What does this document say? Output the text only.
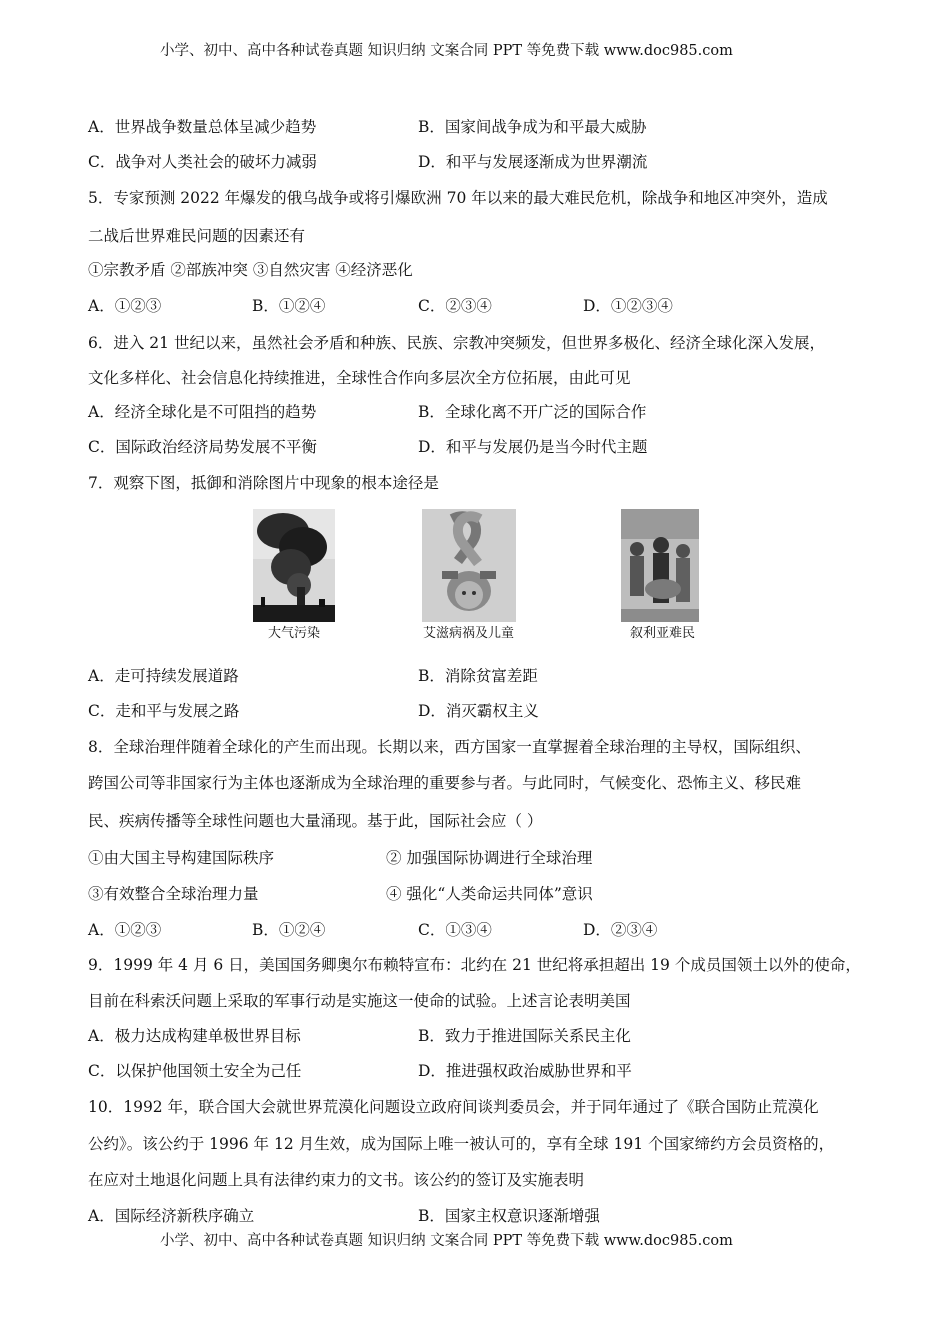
小学、初中、高中各种试卷真题 知识归纳 文案合同 PPT 等免费下载 www.doc985.com
A．世界战争数量总体呈减少趋势	B．国家间战争成为和平最大威胁
C．战争对人类社会的破坏力减弱	D．和平与发展逐渐成为世界潮流
5．专家预测 2022 年爆发的俄乌战争或将引爆欧洲 70 年以来的最大难民危机，除战争和地区冲突外，造成
二战后世界难民问题的因素还有
①宗教矛盾 ②部族冲突 ③自然灾害 ④经济恶化
A．①②③	B．①②④	C．②③④	D．①②③④
6．进入 21 世纪以来，虽然社会矛盾和种族、民族、宗教冲突频发，但世界多极化、经济全球化深入发展，
文化多样化、社会信息化持续推进，全球性合作向多层次全方位拓展，由此可见
A．经济全球化是不可阻挡的趋势	B．全球化离不开广泛的国际合作
C．国际政治经济局势发展不平衡	D．和平与发展仍是当今时代主题
7．观察下图，抵御和消除图片中现象的根本途径是
大气污染	艾滋病祸及儿童	叙利亚难民
A．走可持续发展道路	B．消除贫富差距
C．走和平与发展之路	D．消灭霸权主义
8．全球治理伴随着全球化的产生而出现。长期以来，西方国家一直掌握着全球治理的主导权，国际组织、
跨国公司等非国家行为主体也逐渐成为全球治理的重要参与者。与此同时，气候变化、恐怖主义、移民难
民、疾病传播等全球性问题也大量涌现。基于此，国际社会应（ ）
①由大国主导构建国际秩序	② 加强国际协调进行全球治理
③有效整合全球治理力量	④ 强化“人类命运共同体”意识
A．①②③	B．①②④	C．①③④	D．②③④
9．1999 年 4 月 6 日，美国国务卿奥尔布赖特宣布：北约在 21 世纪将承担超出 19 个成员国领土以外的使命，
目前在科索沃问题上采取的军事行动是实施这一使命的试验。上述言论表明美国
A．极力达成构建单极世界目标	B．致力于推进国际关系民主化
C．以保护他国领土安全为己任	D．推进强权政治威胁世界和平
10．1992 年，联合国大会就世界荒漠化问题设立政府间谈判委员会，并于同年通过了《联合国防止荒漠化
公约》。该公约于 1996 年 12 月生效，成为国际上唯一被认可的，享有全球 191 个国家缔约方会员资格的，
在应对土地退化问题上具有法律约束力的文书。该公约的签订及实施表明
A．国际经济新秩序确立	B．国家主权意识逐渐增强
小学、初中、高中各种试卷真题 知识归纳 文案合同 PPT 等免费下载 www.doc985.com
